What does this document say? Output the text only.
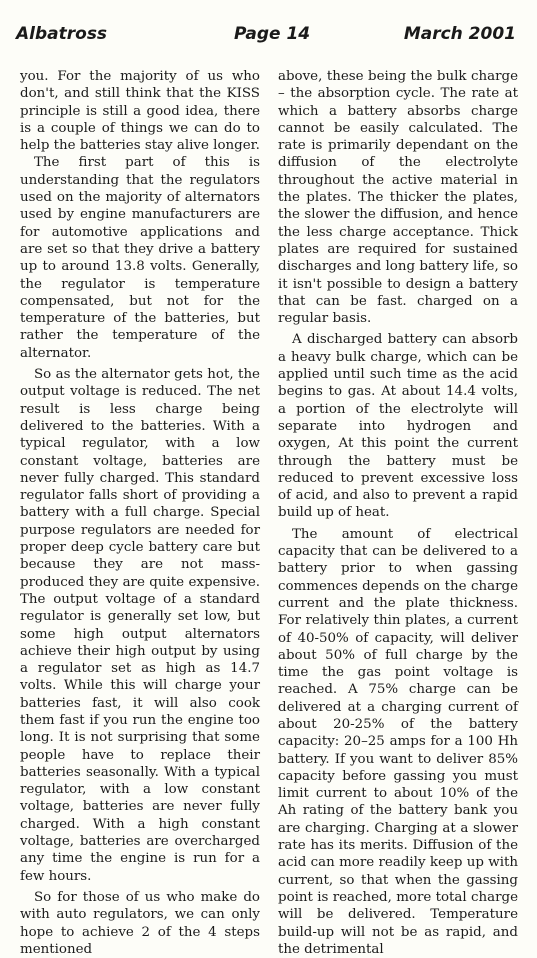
Albatross	Page 14	March 2001

you. For the majority of us who don't, and still think that the KISS principle is still a good idea, there is a couple of things we can do to help the batteries stay alive longer.

The first part of this is understanding that the regulators used on the majority of alternators used by engine manufacturers are for automotive applications and are set so that they drive a battery up to around 13.8 volts. Generally, the regulator is temperature compensated, but not for the temperature of the batteries, but rather the temperature of the alternator.

So as the alternator gets hot, the output voltage is reduced. The net result is less charge being delivered to the batteries. With a typical regulator, with a low constant voltage, batteries are never fully charged. This standard regulator falls short of providing a battery with a full charge. Special purpose regulators are needed for proper deep cycle battery care but because they are not mass-produced they are quite expensive. The output voltage of a standard regulator is generally set low, but some high output alternators achieve their high output by using a regulator set as high as 14.7 volts. While this will charge your batteries fast, it will also cook them fast if you run the engine too long. It is not surprising that some people have to replace their batteries seasonally. With a typical regulator, with a low constant voltage, batteries are never fully charged. With a high constant voltage, batteries are overcharged any time the engine is run for a few hours.

So for those of us who make do with auto regulators, we can only hope to achieve 2 of the 4 steps mentioned

above, these being the bulk charge – the absorption cycle. The rate at which a battery absorbs charge cannot be easily calculated. The rate is primarily dependant on the diffusion of the electrolyte throughout the active material in the plates. The thicker the plates, the slower the diffusion, and hence the less charge acceptance. Thick plates are required for sustained discharges and long battery life, so it isn't possible to design a battery that can be fast. charged on a regular basis.

A discharged battery can absorb a heavy bulk charge, which can be applied until such time as the acid begins to gas. At about 14.4 volts, a portion of the electrolyte will separate into hydrogen and oxygen, At this point the current through the battery must be reduced to prevent excessive loss of acid, and also to prevent a rapid build up of heat.

The amount of electrical capacity that can be delivered to a battery prior to when gassing commences depends on the charge current and the plate thickness. For relatively thin plates, a current of 40-50% of capacity, will deliver about 50% of full charge by the time the gas point voltage is reached. A 75% charge can be delivered at a charging current of about 20-25% of the battery capacity: 20–25 amps for a 100 Hh battery. If you want to deliver 85% capacity before gassing you must limit current to about 10% of the Ah rating of the battery bank you are charging. Charging at a slower rate has its merits. Diffusion of the acid can more readily keep up with current, so that when the gassing point is reached, more total charge will be delivered. Temperature build-up will not be as rapid, and the detrimental
